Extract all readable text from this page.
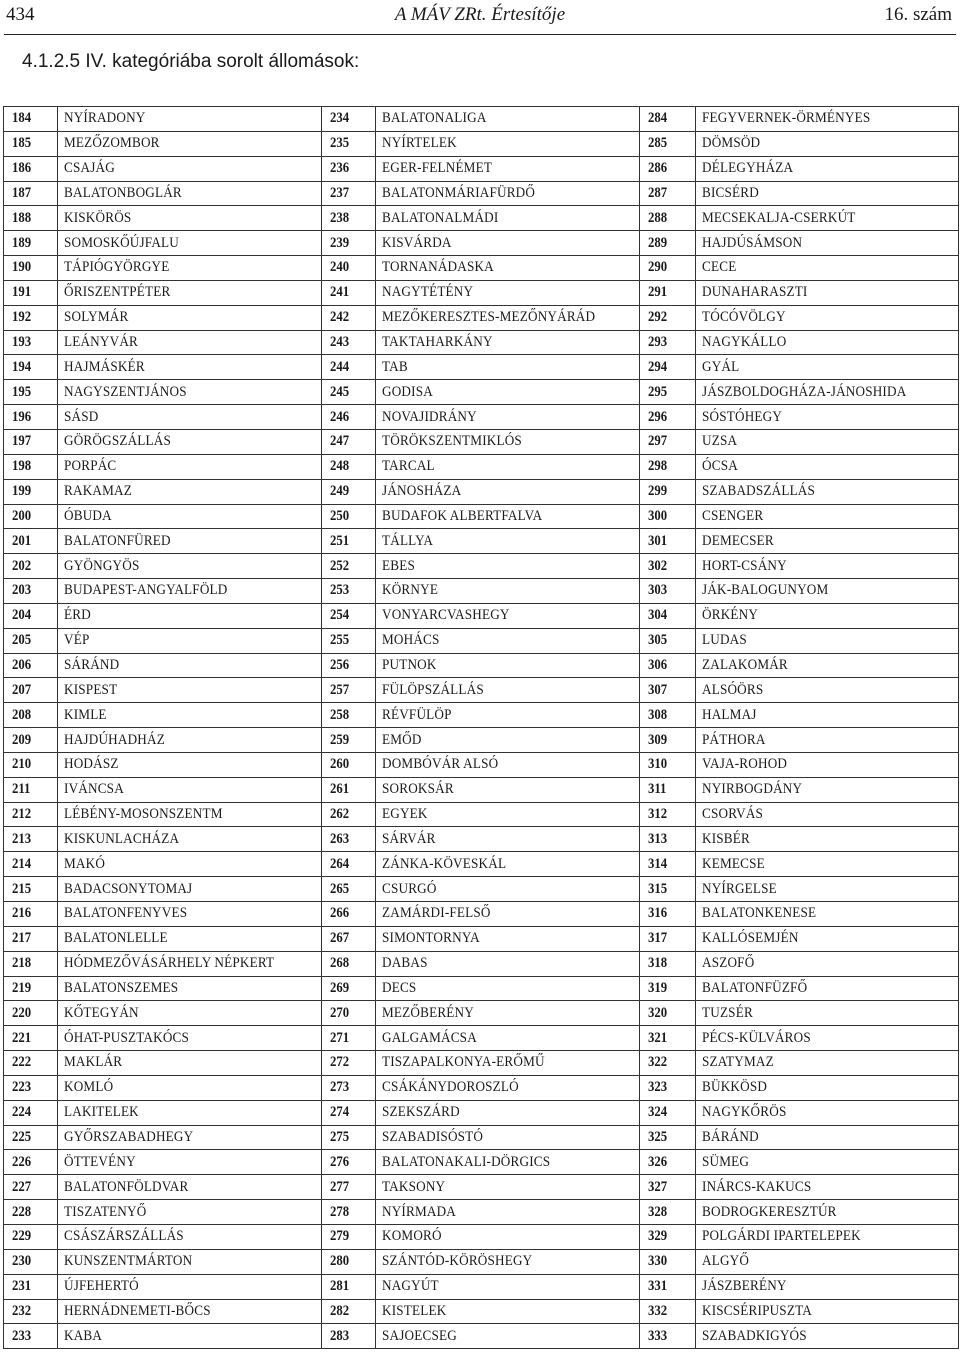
434	A MÁV ZRt. Értesítője	16. szám
4.1.2.5 IV. kategóriába sorolt állomások:
184	NYÍRADONY	234	BALATONALIGA	284	FEGYVERNEK-ÖRMÉNYES
185	MEZŐZOMBOR	235	NYÍRTELEK	285	DÖMSÖD
186	CSAJÁG	236	EGER-FELNÉMET	286	DÉLEGYHÁZA
187	BALATONBOGLÁR	237	BALATONMÁRIAFÜRDŐ	287	BICSÉRD
188	KISKÖRÖS	238	BALATONALMÁDI	288	MECSEKALJA-CSERKÚT
189	SOMOSKŐÚJFALU	239	KISVÁRDA	289	HAJDÚSÁMSON
190	TÁPIÓGYÖRGYE	240	TORNANÁDASKA	290	CECE
191	ŐRISZENTPÉTER	241	NAGYTÉTÉNY	291	DUNAHARASZTI
192	SOLYMÁR	242	MEZŐKERESZTES-MEZŐNYÁRÁD	292	TÓCÓVÖLGY
193	LEÁNYVÁR	243	TAKTAHARKÁNY	293	NAGYKÁLLO
194	HAJMÁSKÉR	244	TAB	294	GYÁL
195	NAGYSZENTJÁNOS	245	GODISA	295	JÁSZBOLDOGHÁZA-JÁNOSHIDA
196	SÁSD	246	NOVAJIDRÁNY	296	SÓSTÓHEGY
197	GÖRÖGSZÁLLÁS	247	TÖRÖKSZENTMIKLÓS	297	UZSA
198	PORPÁC	248	TARCAL	298	ÓCSA
199	RAKAMAZ	249	JÁNOSHÁZA	299	SZABADSZÁLLÁS
200	ÓBUDA	250	BUDAFOK ALBERTFALVA	300	CSENGER
201	BALATONFÜRED	251	TÁLLYA	301	DEMECSER
202	GYÖNGYÖS	252	EBES	302	HORT-CSÁNY
203	BUDAPEST-ANGYALFÖLD	253	KÖRNYE	303	JÁK-BALOGUNYOM
204	ÉRD	254	VONYARCVASHEGY	304	ÖRKÉNY
205	VÉP	255	MOHÁCS	305	LUDAS
206	SÁRÁND	256	PUTNOK	306	ZALAKOMÁR
207	KISPEST	257	FÜLÖPSZÁLLÁS	307	ALSÓÖRS
208	KIMLE	258	RÉVFÜLÖP	308	HALMAJ
209	HAJDÚHADHÁZ	259	EMŐD	309	PÁTHORA
210	HODÁSZ	260	DOMBÓVÁR ALSÓ	310	VAJA-ROHOD
211	IVÁNCSA	261	SOROKSÁR	311	NYIRBOGDÁNY
212	LÉBÉNY-MOSONSZENTM	262	EGYEK	312	CSORVÁS
213	KISKUNLACHÁZA	263	SÁRVÁR	313	KISBÉR
214	MAKÓ	264	ZÁNKA-KÖVESKÁL	314	KEMECSE
215	BADACSONYTOMAJ	265	CSURGÓ	315	NYÍRGELSE
216	BALATONFENYVES	266	ZAMÁRDI-FELSŐ	316	BALATONKENESE
217	BALATONLELLE	267	SIMONTORNYA	317	KALLÓSEMJÉN
218	HÓDMEZŐVÁSÁRHELY NÉPKERT	268	DABAS	318	ASZOFŐ
219	BALATONSZEMES	269	DECS	319	BALATONFÜZFŐ
220	KŐTEGYÁN	270	MEZŐBERÉNY	320	TUZSÉR
221	ÓHAT-PUSZTAKÓCS	271	GALGAMÁCSA	321	PÉCS-KÜLVÁROS
222	MAKLÁR	272	TISZAPALKONYA-ERŐMŰ	322	SZATYMAZ
223	KOMLÓ	273	CSÁKÁNYDOROSZLÓ	323	BÜKKÖSD
224	LAKITELEK	274	SZEKSZÁRD	324	NAGYKŐRÖS
225	GYŐRSZABADHEGY	275	SZABADISÓSTÓ	325	BÁRÁND
226	ÖTTEVÉNY	276	BALATONAKALI-DÖRGICS	326	SÜMEG
227	BALATONFÖLDVAR	277	TAKSONY	327	INÁRCS-KAKUCS
228	TISZATENYŐ	278	NYÍRMADA	328	BODROGKERESZTÚR
229	CSÁSZÁRSZÁLLÁS	279	KOMORÓ	329	POLGÁRDI IPARTELEPEK
230	KUNSZENTMÁRTON	280	SZÁNTÓD-KÖRÖSHEGY	330	ALGYŐ
231	ÚJFEHERTÓ	281	NAGYÚT	331	JÁSZBERÉNY
232	HERNÁDNEMETI-BŐCS	282	KISTELEK	332	KISCSÉRIPUSZTA
233	KABA	283	SAJOECSEG	333	SZABADKIGYÓS
